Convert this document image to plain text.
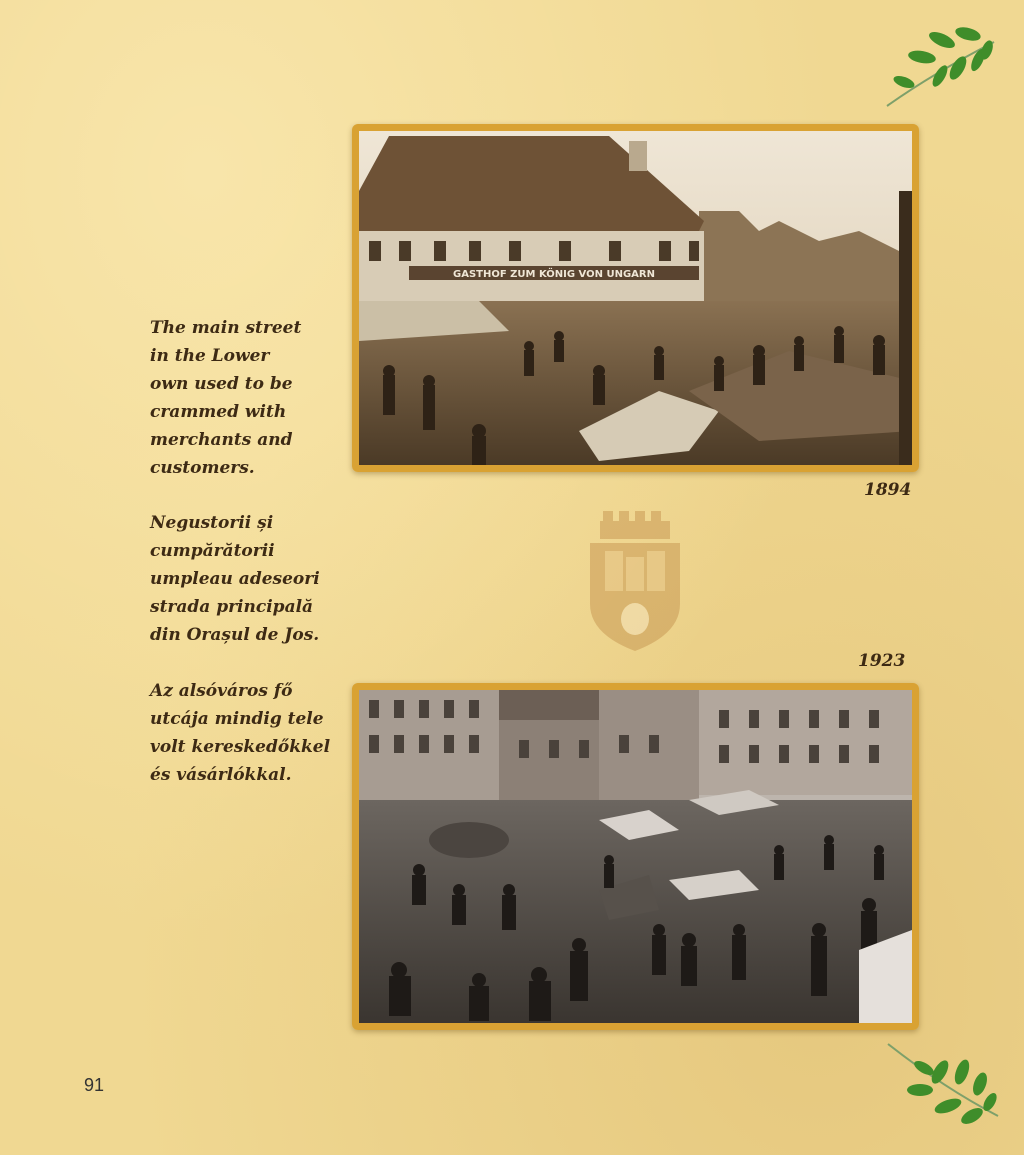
The main street
in the Lower
own used to be
crammed with
merchants and
customers.
Negustorii și
cumpărătorii
umpleau adeseori
strada principală
din Orașul de Jos.
Az alsóváros fő
utcája mindig tele
volt kereskedőkkel
és vásárlókkal.
GASTHOF ZUM KÖNIG VON UNGARN
1894
1923
91
